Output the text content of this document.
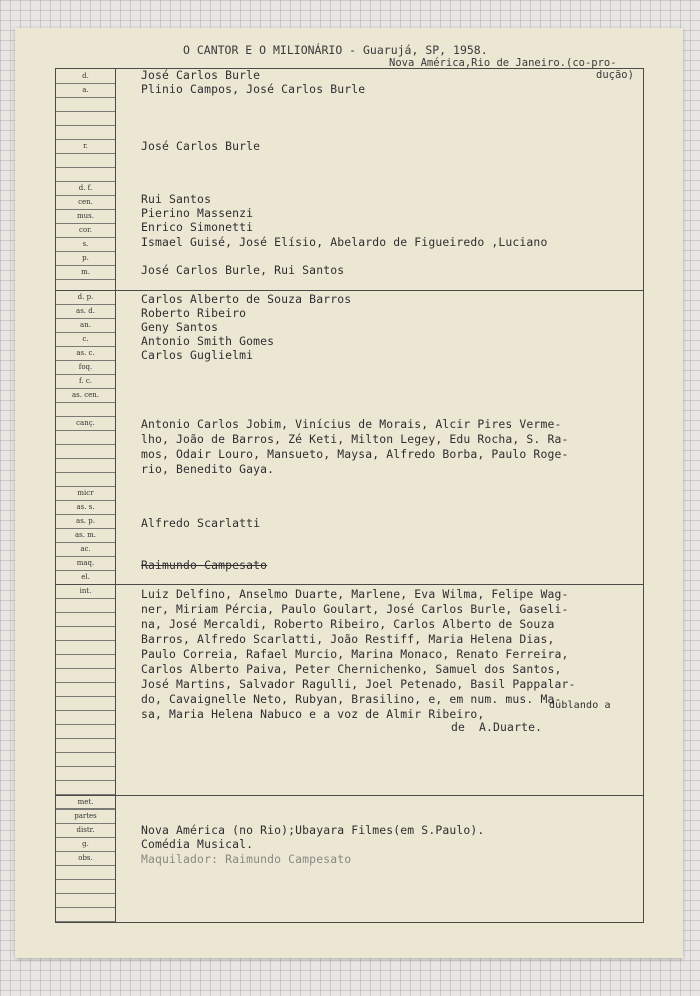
O CANTOR E O MILIONÁRIO - Guarujá, SP, 1958.
Nova América,Rio de Janeiro.(co-pro-
dução)
d.
a.
r.
d. f.
cen.
mus.
cor.
s.
p.
m.
d. p.
as. d.
an.
c.
as. c.
foq.
f. c.
as. cen.
canç.
micr
as. s.
as. p.
as. m.
ac.
maq.
el.
int.
met.
partes
distr.
g.
obs.
José Carlos Burle
Plinio Campos, José Carlos Burle
José Carlos Burle
Rui Santos
Pierino Massenzi
Enrico Simonetti
Ismael Guisé, José Elísio, Abelardo de Figueiredo ,Luciano
José Carlos Burle, Rui Santos
Carlos Alberto de Souza Barros
Roberto Ribeiro
Geny Santos
Antonio Smith Gomes
Carlos Guglielmi
Antonio Carlos Jobim, Vinícius de Morais, Alcir Pires Verme-
lho, João de Barros, Zé Keti, Milton Legey, Edu Rocha, S. Ra-
mos, Odair Louro, Mansueto, Maysa, Alfredo Borba, Paulo Roge-
rio, Benedito Gaya.
Alfredo Scarlatti
Raimundo Campesato
Luiz Delfino, Anselmo Duarte, Marlene, Eva Wilma, Felipe Wag-
ner, Miriam Pércia, Paulo Goulart, José Carlos Burle, Gaseli-
na, José Mercaldi, Roberto Ribeiro, Carlos Alberto de Souza
Barros, Alfredo Scarlatti, João Restiff, Maria Helena Dias,
Paulo Correia, Rafael Murcio, Marina Monaco, Renato Ferreira,
Carlos Alberto Paiva, Peter Chernichenko, Samuel dos Santos,
José Martins, Salvador Ragulli, Joel Petenado, Basil Pappalar-
do, Cavaignelle Neto, Rubyan, Brasilino, e, em num. mus. Ma-
sa, Maria Helena Nabuco e a voz de Almir Ribeiro,
dublando a
de  A.Duarte.
Nova América (no Rio);Ubayara Filmes(em S.Paulo).
Comédia Musical.
Maquilador: Raimundo Campesato
